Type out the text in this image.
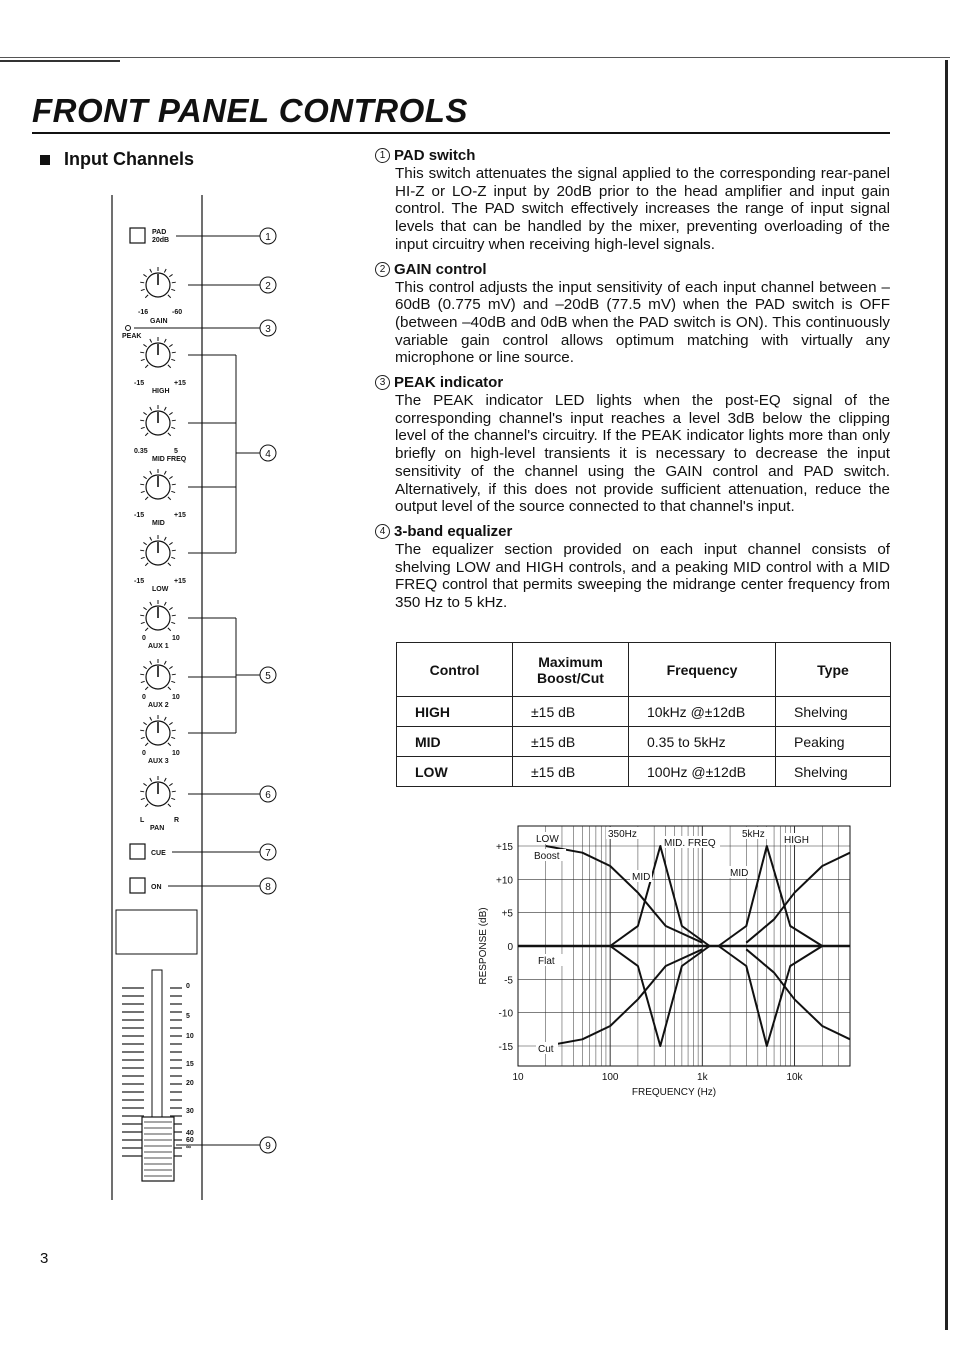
FRONT PANEL CONTROLS
Input Channels
PAD
20dB	1
-16	-60
GAIN
2
PEAK
3
-15	+15
HIGH
0.35	5
MID FREQ
-15	+15
MID
-15	+15
LOW
4
0	10
AUX 1
0	10
AUX 2
0	10
AUX 3
5
L	R
PAN
6
CUE	7
ON	8
0
5
10
15
20
30
40
60
∞	9
1 PAD switch

This switch attenuates the signal applied to the corresponding rear-panel HI-Z or LO-Z input by 20dB prior to the head amplifier and input gain control. The PAD switch effectively increases the range of input signal levels that can be handled by the mixer, preventing overloading of the input circuitry when receiving high-level signals.

2 GAIN control

This control adjusts the input sensitivity of each input channel between –60dB (0.775 mV) and –20dB (77.5 mV) when the PAD switch is OFF (between –40dB and 0dB when the PAD switch is ON). This continuously variable gain control allows optimum matching with virtually any microphone or line source.

3 PEAK indicator

The PEAK indicator LED lights when the post-EQ signal of the corresponding channel's input reaches a level 3dB below the clipping level of the channel's circuitry. If the PEAK indicator lights more than only briefly on high-level transients it is necessary to decrease the input sensitivity of the channel using the GAIN control and PAD switch. Alternatively, if this does not provide sufficient attenuation, reduce the output level of the source connected to that channel's input.

4 3-band equalizer

The equalizer section provided on each input channel consists of shelving LOW and HIGH controls, and a peaking MID control with a MID FREQ control that permits sweeping the midrange center frequency from 350 Hz to 5 kHz.

Control	Maximum Boost/Cut	Frequency	Type
HIGH	±15 dB	10kHz @±12dB	Shelving
MID	±15 dB	0.35 to 5kHz	Peaking
LOW	±15 dB	100Hz @±12dB	Shelving
+15
+10
+5
0
-5
-10
-15
10	100	1k	10k
FREQUENCY (Hz)
RESPONSE (dB)
LOW	350Hz
MID. FREQ
5kHz
HIGH
Boost
MID	MID
Flat
Cut
3
